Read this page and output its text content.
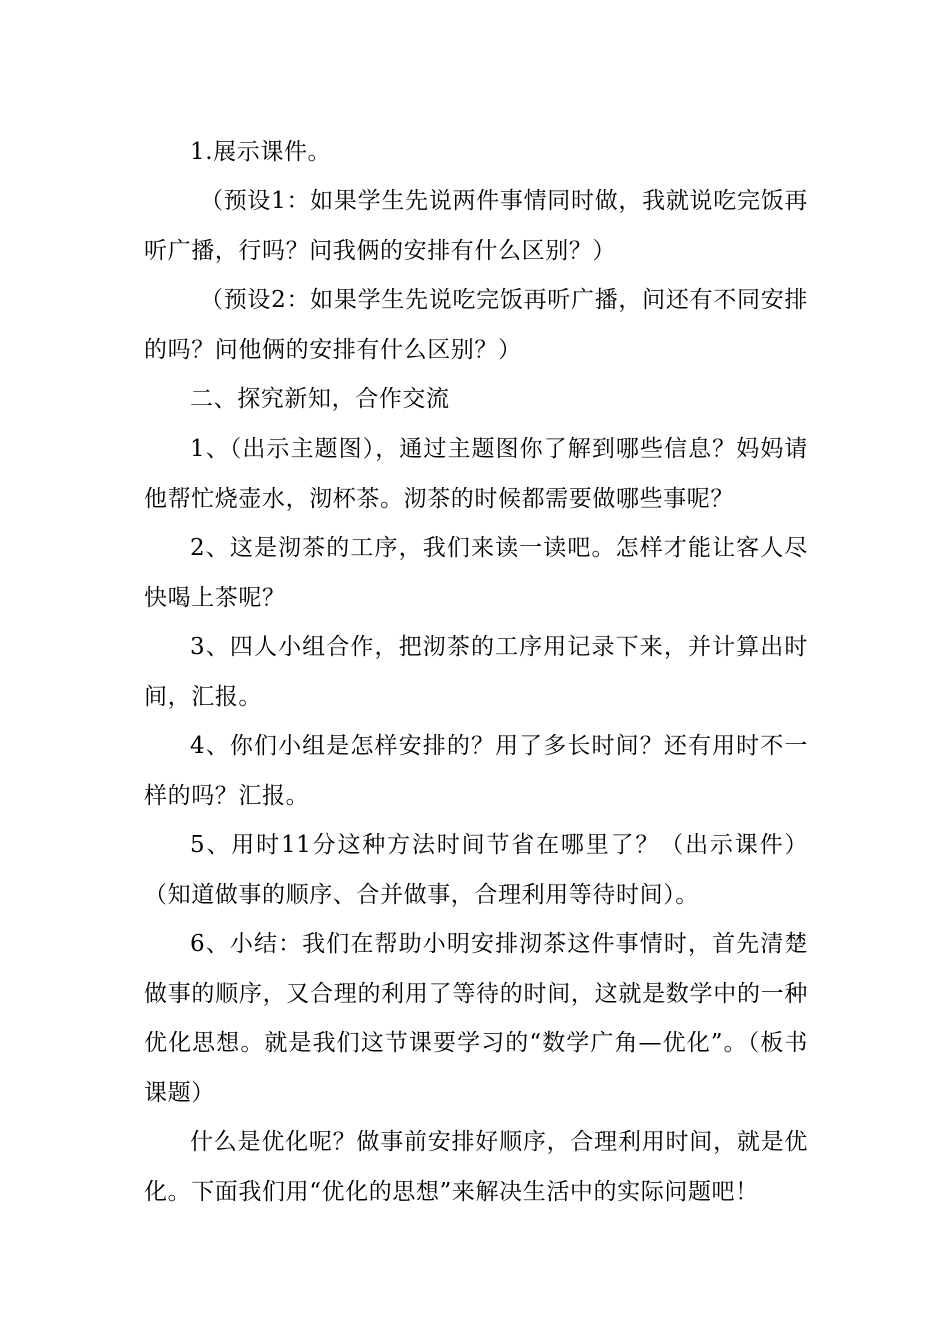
1.展示课件。

（预设1：如果学生先说两件事情同时做，我就说吃完饭再听广播，行吗？问我俩的安排有什么区别？）

（预设2：如果学生先说吃完饭再听广播，问还有不同安排的吗？问他俩的安排有什么区别？）

二、探究新知，合作交流

1、（出示主题图），通过主题图你了解到哪些信息？妈妈请他帮忙烧壶水，沏杯茶。沏茶的时候都需要做哪些事呢？

2、这是沏茶的工序，我们来读一读吧。怎样才能让客人尽快喝上茶呢？

3、四人小组合作，把沏茶的工序用记录下来，并计算出时间，汇报。

4、你们小组是怎样安排的？用了多长时间？还有用时不一样的吗？汇报。

5、用时11分这种方法时间节省在哪里了？（出示课件）（知道做事的顺序、合并做事，合理利用等待时间）。

6、小结：我们在帮助小明安排沏茶这件事情时，首先清楚做事的顺序，又合理的利用了等待的时间，这就是数学中的一种优化思想。就是我们这节课要学习的“数学广角—优化”。（板书课题）

什么是优化呢？做事前安排好顺序，合理利用时间，就是优化。下面我们用“优化的思想”来解决生活中的实际问题吧！
